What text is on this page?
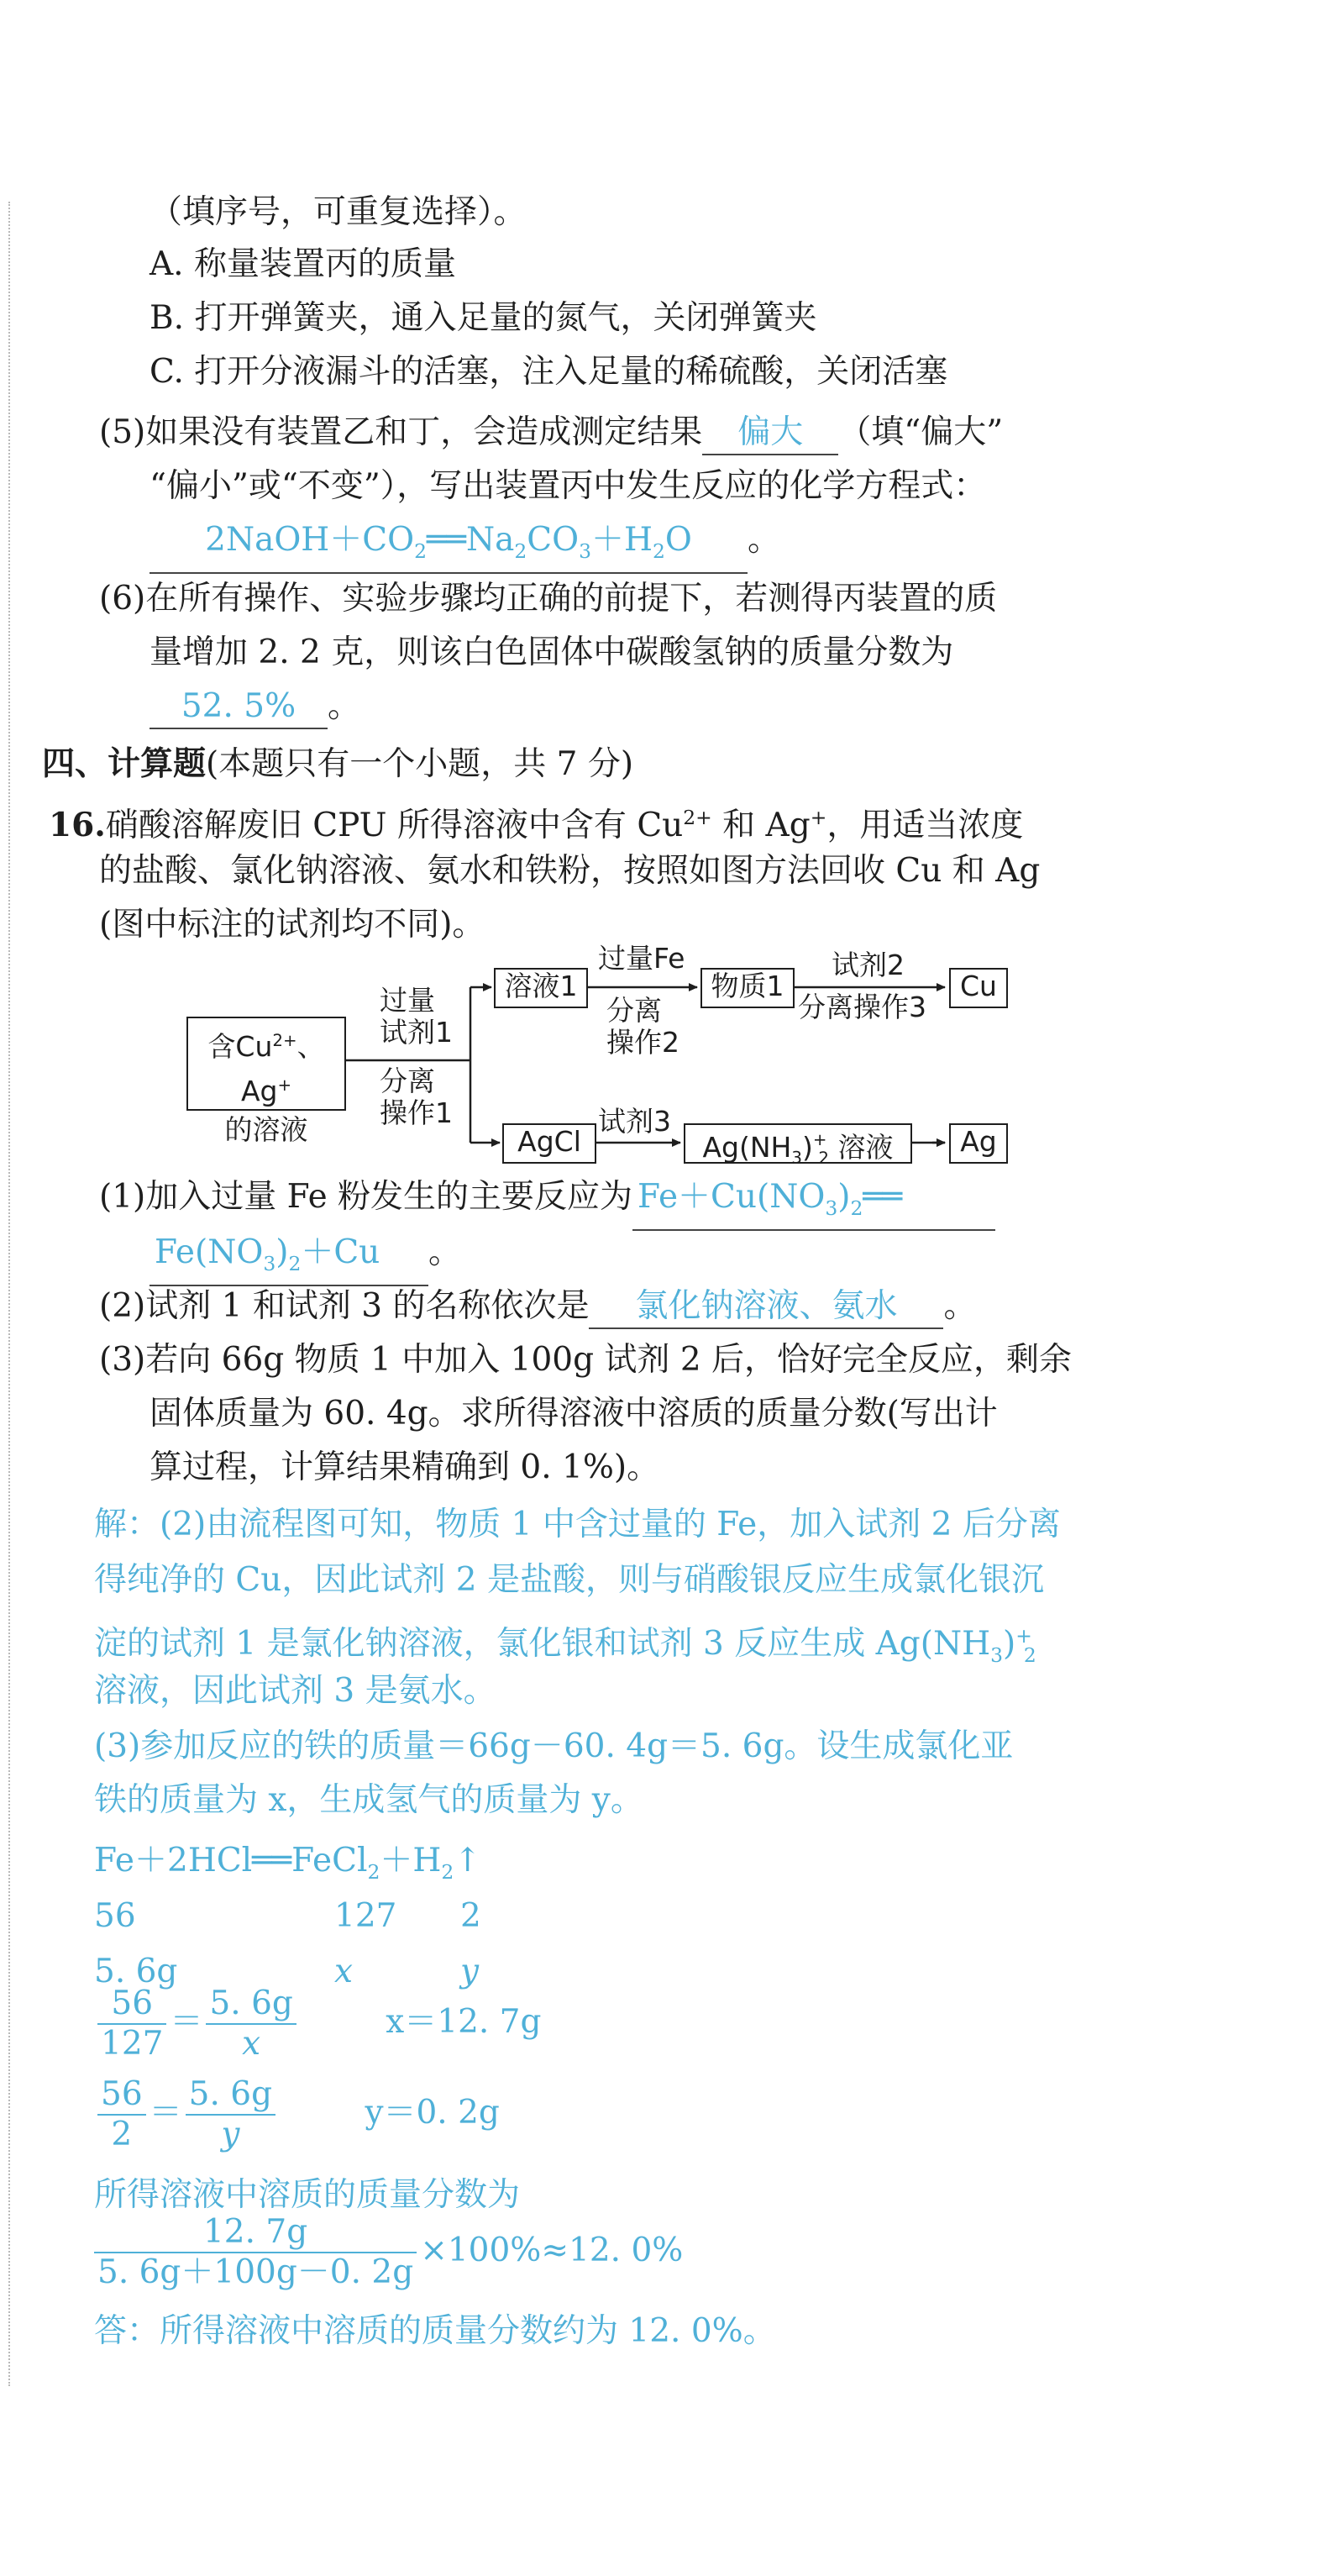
（填序号，可重复选择）。
A. 称量装置丙的质量
B. 打开弹簧夹，通入足量的氮气，关闭弹簧夹
C. 打开分液漏斗的活塞，注入足量的稀硫酸，关闭活塞
(5)如果没有装置乙和丁，会造成测定结果 偏大 （填“偏大”
“偏小”或“不变”），写出装置丙中发生反应的化学方程式：
$2NaOH+CO_2══Na_2CO_3+H_2O$ 。
(6)在所有操作、实验步骤均正确的前提下，若测得丙装置的质
量增加 2. 2 克，则该白色固体中碳酸氢钠的质量分数为
52. 5% 。
四、计算题(本题只有一个小题，共 7 分)
16.硝酸溶解废旧 CPU 所得溶液中含有 $Cu^{2+}$ 和 Ag+，用适当浓度
的盐酸、氯化钠溶液、氨水和铁粉，按照如图方法回收 Cu 和 Ag
(图中标注的试剂均不同)。
含$Cu^{2+}$、Ag+
的溶液
过量
试剂1
分离
操作1
溶液1
过量Fe
分离
操作2
物质1
试剂2
分离操作3
Cu
AgCl
试剂3
$Ag(NH_3)^+_2$ 溶液	Ag
(1)加入过量 Fe 粉发生的主要反应为 $Fe+Cu(NO_3)_2══$
$Fe(NO_3)_2+Cu$ 。
(2)试剂 1 和试剂 3 的名称依次是 氯化钠溶液、氨水 。
(3)若向 66g 物质 1 中加入 100g 试剂 2 后，恰好完全反应，剩余
固体质量为 60. 4g。求所得溶液中溶质的质量分数(写出计
算过程，计算结果精确到 0. 1%)。
解：(2)由流程图可知，物质 1 中含过量的 Fe，加入试剂 2 后分离
得纯净的 Cu，因此试剂 2 是盐酸，则与硝酸银反应生成氯化银沉
淀的试剂 1 是氯化钠溶液，氯化银和试剂 3 反应生成 $Ag(NH_3)^+_2$
溶液，因此试剂 3 是氨水。
(3)参加反应的铁的质量＝66g－60. 4g＝5. 6g。设生成氯化亚
铁的质量为 x，生成氢气的质量为 y。
$Fe+2HCl══FeCl_2+H_2↑$
56	127 2
5. 6g	x	y
$\frac{56}{127} = \frac{5. 6g}{x}$	x＝12. 7g
$\frac{56}{2} = \frac{5. 6g}{y}$	y＝0. 2g
所得溶液中溶质的质量分数为
$\frac{12. 7g}{5. 6g+100g-0. 2g} \times 100\%\approx 12$. 0%
答：所得溶液中溶质的质量分数约为 12. 0%。
